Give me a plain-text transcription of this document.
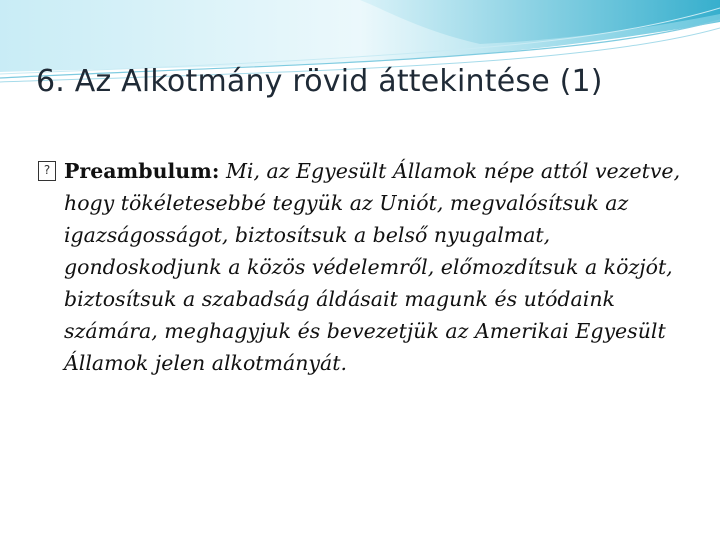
6. Az Alkotmány rövid áttekintése (1)
? Preambulum: Mi, az Egyesült Államok népe attól vezetve, hogy tökéletesebbé tegyük az Uniót, megvalósítsuk az igazságosságot, biztosítsuk a belső nyugalmat, gondoskodjunk a közös védelemről, előmozdítsuk a közjót, biztosítsuk a szabadság áldásait magunk és utódaink számára, meghagyjuk és bevezetjük az Amerikai Egyesült Államok jelen alkotmányát.
